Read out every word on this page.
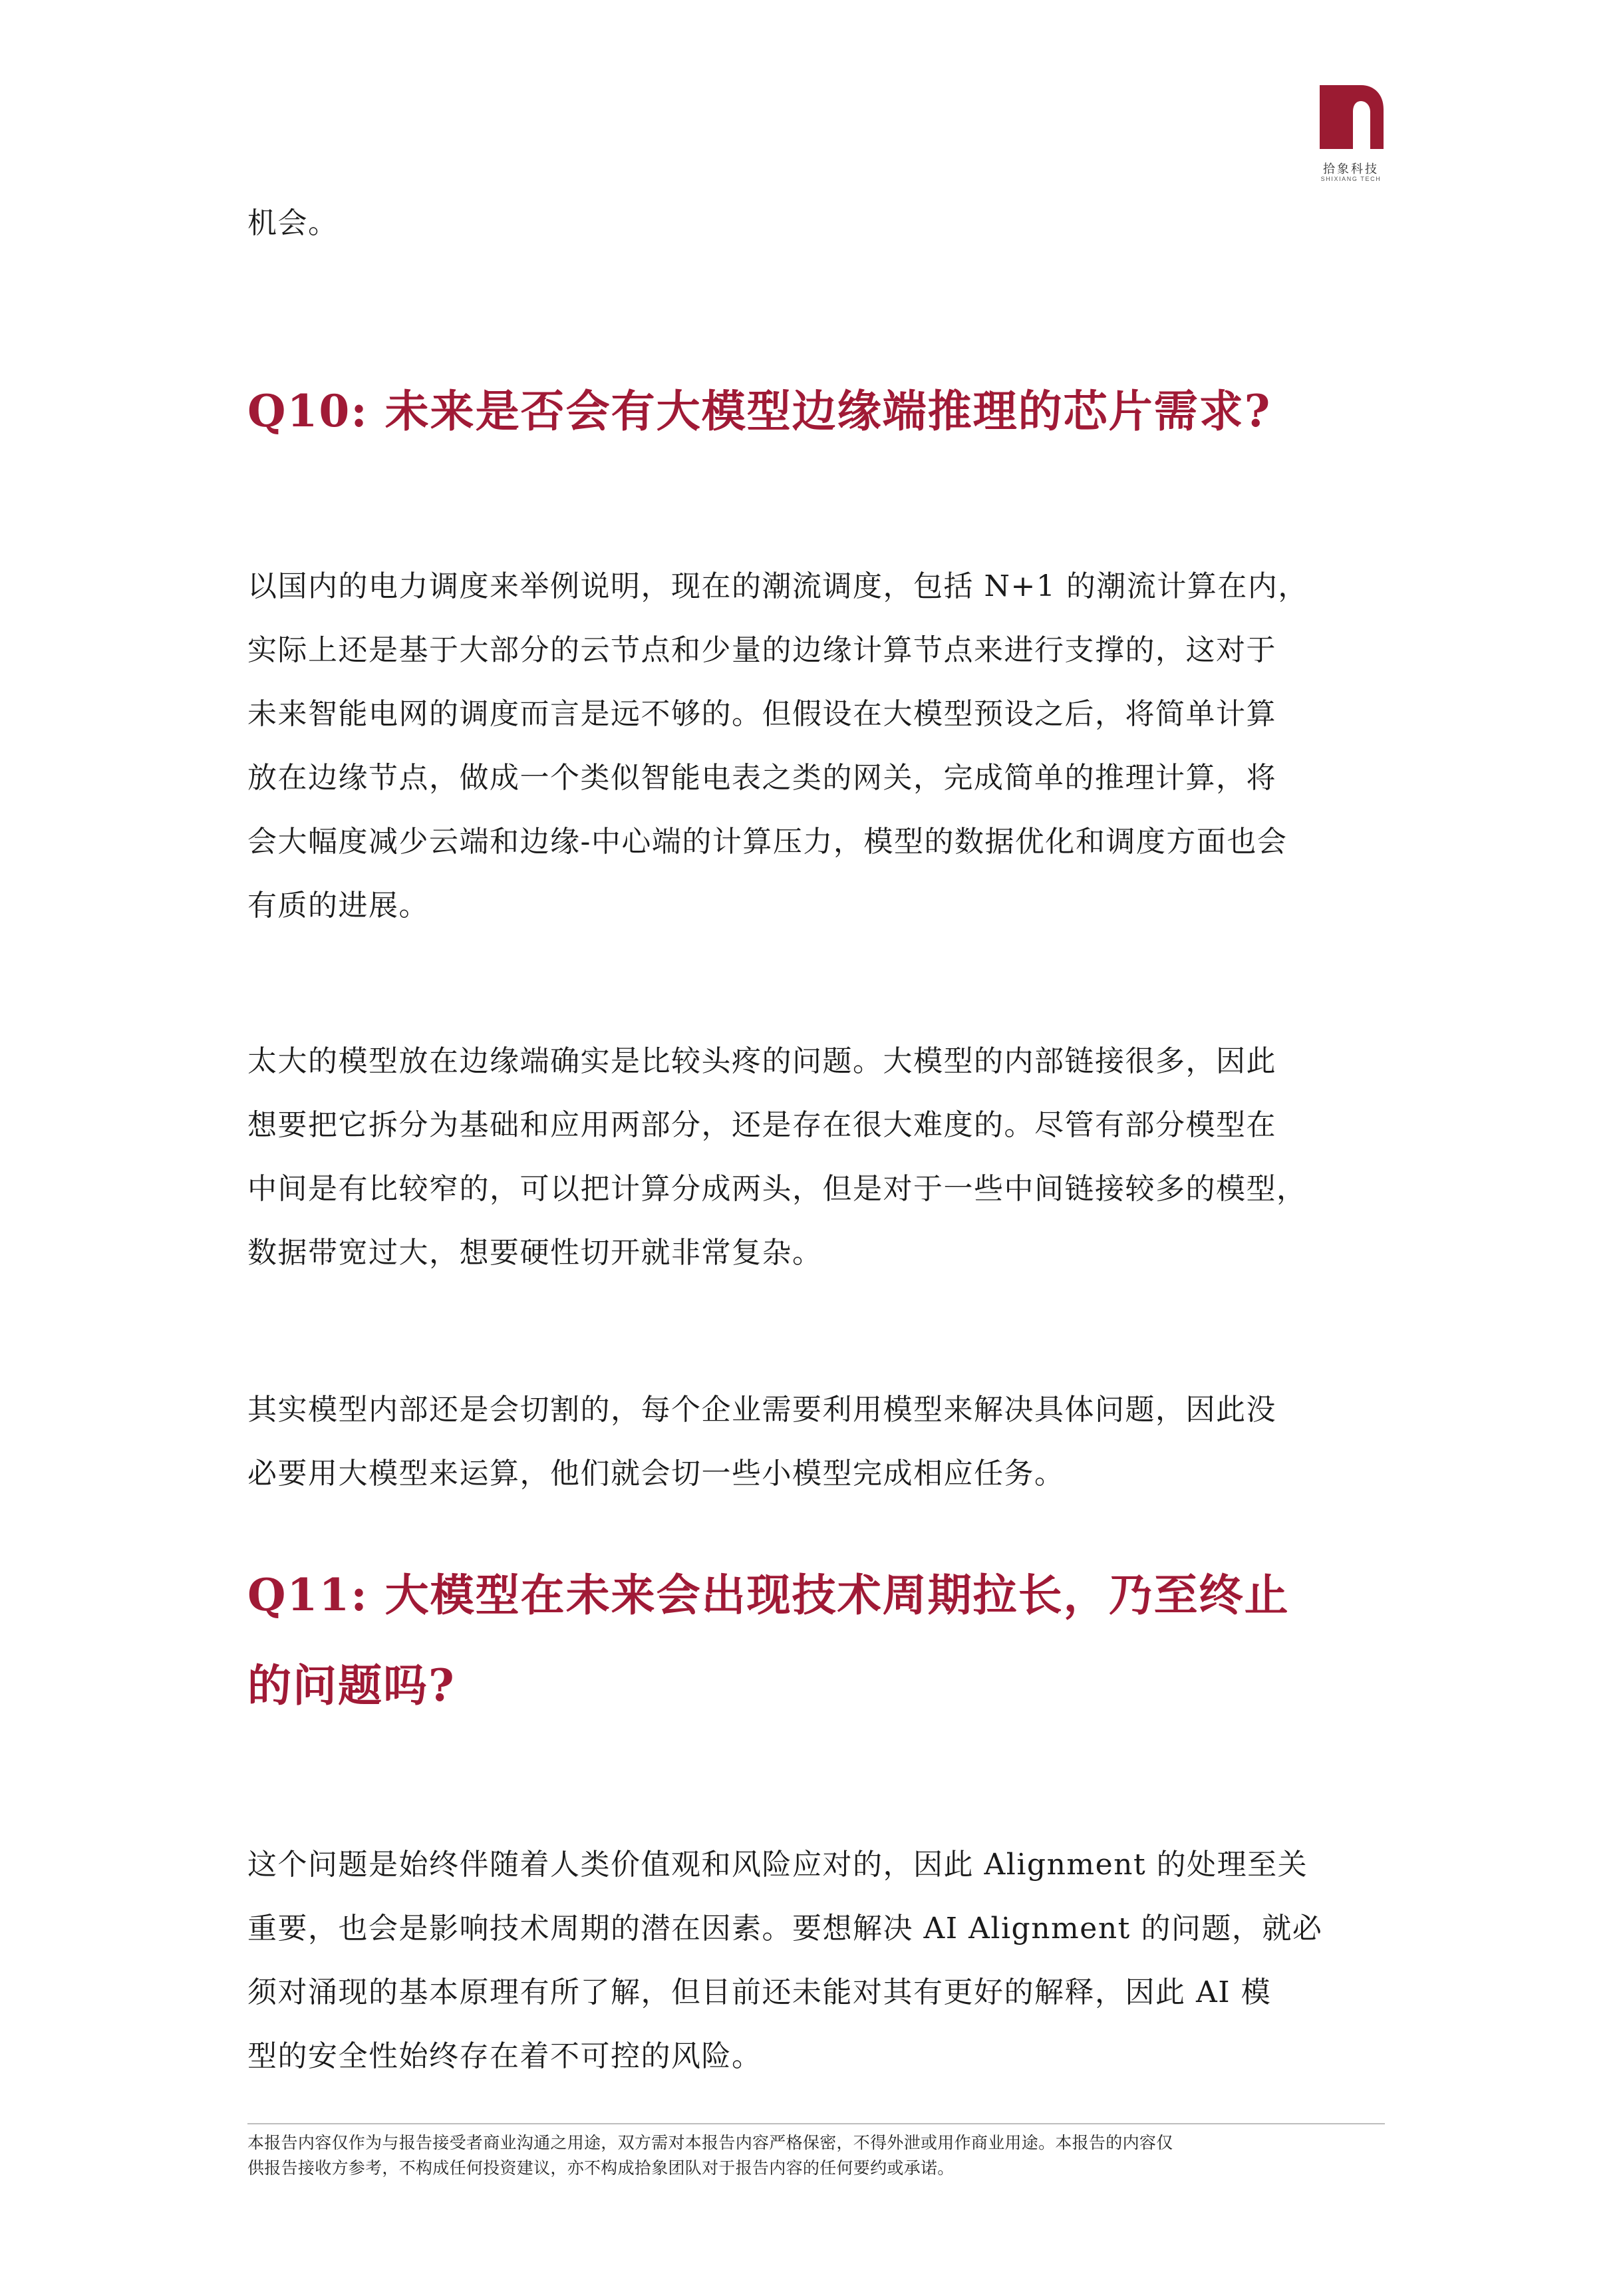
拾象科技
SHIXIANG TECH

机会。

Q10: 未来是否会有大模型边缘端推理的芯片需求?
以国内的电力调度来举例说明，现在的潮流调度，包括 N+1 的潮流计算在内，
实际上还是基于大部分的云节点和少量的边缘计算节点来进行支撑的，这对于
未来智能电网的调度而言是远不够的。但假设在大模型预设之后，将简单计算
放在边缘节点，做成一个类似智能电表之类的网关，完成简单的推理计算，将
会大幅度减少云端和边缘-中心端的计算压力，模型的数据优化和调度方面也会
有质的进展。
太大的模型放在边缘端确实是比较头疼的问题。大模型的内部链接很多，因此
想要把它拆分为基础和应用两部分，还是存在很大难度的。尽管有部分模型在
中间是有比较窄的，可以把计算分成两头，但是对于一些中间链接较多的模型，
数据带宽过大，想要硬性切开就非常复杂。
其实模型内部还是会切割的，每个企业需要利用模型来解决具体问题，因此没
必要用大模型来运算，他们就会切一些小模型完成相应任务。
Q11: 大模型在未来会出现技术周期拉长，乃至终止
的问题吗?
这个问题是始终伴随着人类价值观和风险应对的，因此 Alignment 的处理至关
重要，也会是影响技术周期的潜在因素。要想解决 AI Alignment 的问题，就必
须对涌现的基本原理有所了解，但目前还未能对其有更好的解释，因此 AI 模
型的安全性始终存在着不可控的风险。
本报告内容仅作为与报告接受者商业沟通之用途，双方需对本报告内容严格保密，不得外泄或用作商业用途。本报告的内容仅
供报告接收方参考，不构成任何投资建议，亦不构成拾象团队对于报告内容的任何要约或承诺。
